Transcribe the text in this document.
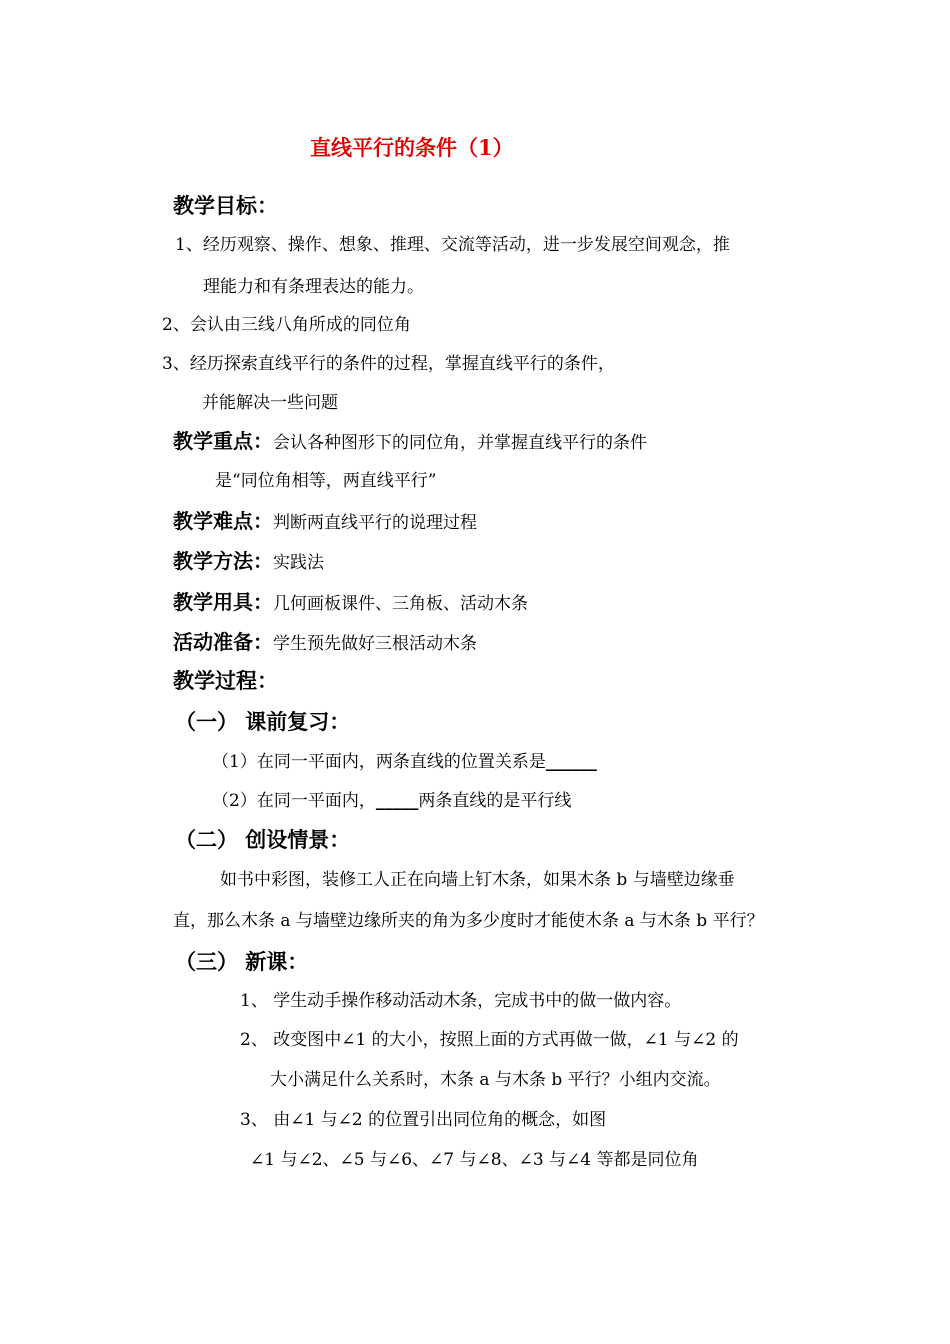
直线平行的条件（1）
教学目标：
1、经历观察、操作、想象、推理、交流等活动，进一步发展空间观念，推
理能力和有条理表达的能力。
2、会认由三线八角所成的同位角
3、经历探索直线平行的条件的过程，掌握直线平行的条件，
并能解决一些问题
教学重点：会认各种图形下的同位角，并掌握直线平行的条件
是“同位角相等，两直线平行”
教学难点：判断两直线平行的说理过程
教学方法：实践法
教学用具：几何画板课件、三角板、活动木条
活动准备：学生预先做好三根活动木条
教学过程：
（一） 课前复习：
（1）在同一平面内，两条直线的位置关系是______
（2）在同一平面内，_____两条直线的是平行线
（二） 创设情景：
如书中彩图，装修工人正在向墙上钉木条，如果木条 b 与墙壁边缘垂
直，那么木条 a 与墙壁边缘所夹的角为多少度时才能使木条 a 与木条 b 平行？
（三） 新课：
1、 学生动手操作移动活动木条，完成书中的做一做内容。
2、 改变图中∠1 的大小，按照上面的方式再做一做，∠1 与∠2 的
大小满足什么关系时，木条 a 与木条 b 平行？小组内交流。
3、 由∠1 与∠2 的位置引出同位角的概念，如图
∠1 与∠2、∠5 与∠6、∠7 与∠8、∠3 与∠4 等都是同位角
